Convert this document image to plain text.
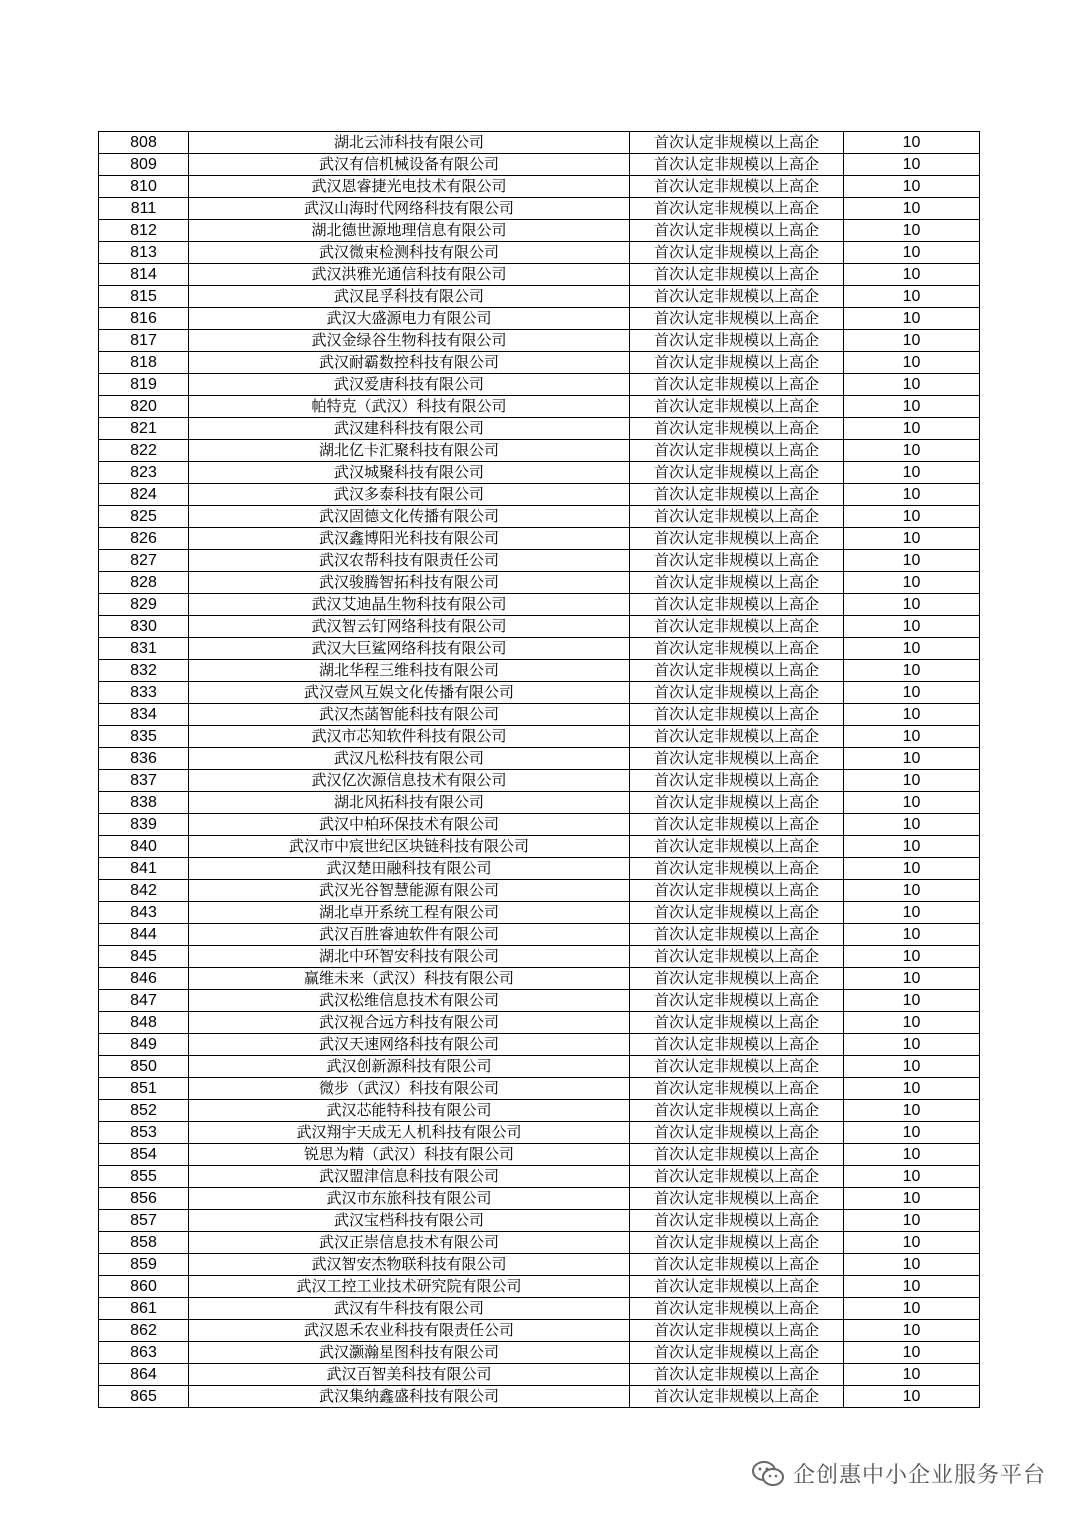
808	湖北云沛科技有限公司	首次认定非规模以上高企	10
809	武汉有信机械设备有限公司	首次认定非规模以上高企	10
810	武汉恩睿捷光电技术有限公司	首次认定非规模以上高企	10
811	武汉山海时代网络科技有限公司	首次认定非规模以上高企	10
812	湖北德世源地理信息有限公司	首次认定非规模以上高企	10
813	武汉微束检测科技有限公司	首次认定非规模以上高企	10
814	武汉洪雅光通信科技有限公司	首次认定非规模以上高企	10
815	武汉昆孚科技有限公司	首次认定非规模以上高企	10
816	武汉大盛源电力有限公司	首次认定非规模以上高企	10
817	武汉金绿谷生物科技有限公司	首次认定非规模以上高企	10
818	武汉耐霸数控科技有限公司	首次认定非规模以上高企	10
819	武汉爱唐科技有限公司	首次认定非规模以上高企	10
820	帕特克（武汉）科技有限公司	首次认定非规模以上高企	10
821	武汉建科科技有限公司	首次认定非规模以上高企	10
822	湖北亿卡汇聚科技有限公司	首次认定非规模以上高企	10
823	武汉城聚科技有限公司	首次认定非规模以上高企	10
824	武汉多泰科技有限公司	首次认定非规模以上高企	10
825	武汉固德文化传播有限公司	首次认定非规模以上高企	10
826	武汉鑫博阳光科技有限公司	首次认定非规模以上高企	10
827	武汉农帮科技有限责任公司	首次认定非规模以上高企	10
828	武汉骏腾智拓科技有限公司	首次认定非规模以上高企	10
829	武汉艾迪晶生物科技有限公司	首次认定非规模以上高企	10
830	武汉智云钉网络科技有限公司	首次认定非规模以上高企	10
831	武汉大巨鲨网络科技有限公司	首次认定非规模以上高企	10
832	湖北华程三维科技有限公司	首次认定非规模以上高企	10
833	武汉壹风互娱文化传播有限公司	首次认定非规模以上高企	10
834	武汉杰菡智能科技有限公司	首次认定非规模以上高企	10
835	武汉市芯知软件科技有限公司	首次认定非规模以上高企	10
836	武汉凡松科技有限公司	首次认定非规模以上高企	10
837	武汉亿次源信息技术有限公司	首次认定非规模以上高企	10
838	湖北风拓科技有限公司	首次认定非规模以上高企	10
839	武汉中柏环保技术有限公司	首次认定非规模以上高企	10
840	武汉市中宸世纪区块链科技有限公司	首次认定非规模以上高企	10
841	武汉楚田融科技有限公司	首次认定非规模以上高企	10
842	武汉光谷智慧能源有限公司	首次认定非规模以上高企	10
843	湖北卓开系统工程有限公司	首次认定非规模以上高企	10
844	武汉百胜睿迪软件有限公司	首次认定非规模以上高企	10
845	湖北中环智安科技有限公司	首次认定非规模以上高企	10
846	赢维未来（武汉）科技有限公司	首次认定非规模以上高企	10
847	武汉松维信息技术有限公司	首次认定非规模以上高企	10
848	武汉视合远方科技有限公司	首次认定非规模以上高企	10
849	武汉天速网络科技有限公司	首次认定非规模以上高企	10
850	武汉创新源科技有限公司	首次认定非规模以上高企	10
851	微步（武汉）科技有限公司	首次认定非规模以上高企	10
852	武汉芯能特科技有限公司	首次认定非规模以上高企	10
853	武汉翔宇天成无人机科技有限公司	首次认定非规模以上高企	10
854	锐思为精（武汉）科技有限公司	首次认定非规模以上高企	10
855	武汉盟津信息科技有限公司	首次认定非规模以上高企	10
856	武汉市东旅科技有限公司	首次认定非规模以上高企	10
857	武汉宝档科技有限公司	首次认定非规模以上高企	10
858	武汉正崇信息技术有限公司	首次认定非规模以上高企	10
859	武汉智安杰物联科技有限公司	首次认定非规模以上高企	10
860	武汉工控工业技术研究院有限公司	首次认定非规模以上高企	10
861	武汉有牛科技有限公司	首次认定非规模以上高企	10
862	武汉恩禾农业科技有限责任公司	首次认定非规模以上高企	10
863	武汉灏瀚星图科技有限公司	首次认定非规模以上高企	10
864	武汉百智美科技有限公司	首次认定非规模以上高企	10
865	武汉集纳鑫盛科技有限公司	首次认定非规模以上高企	10
企创惠中小企业服务平台
